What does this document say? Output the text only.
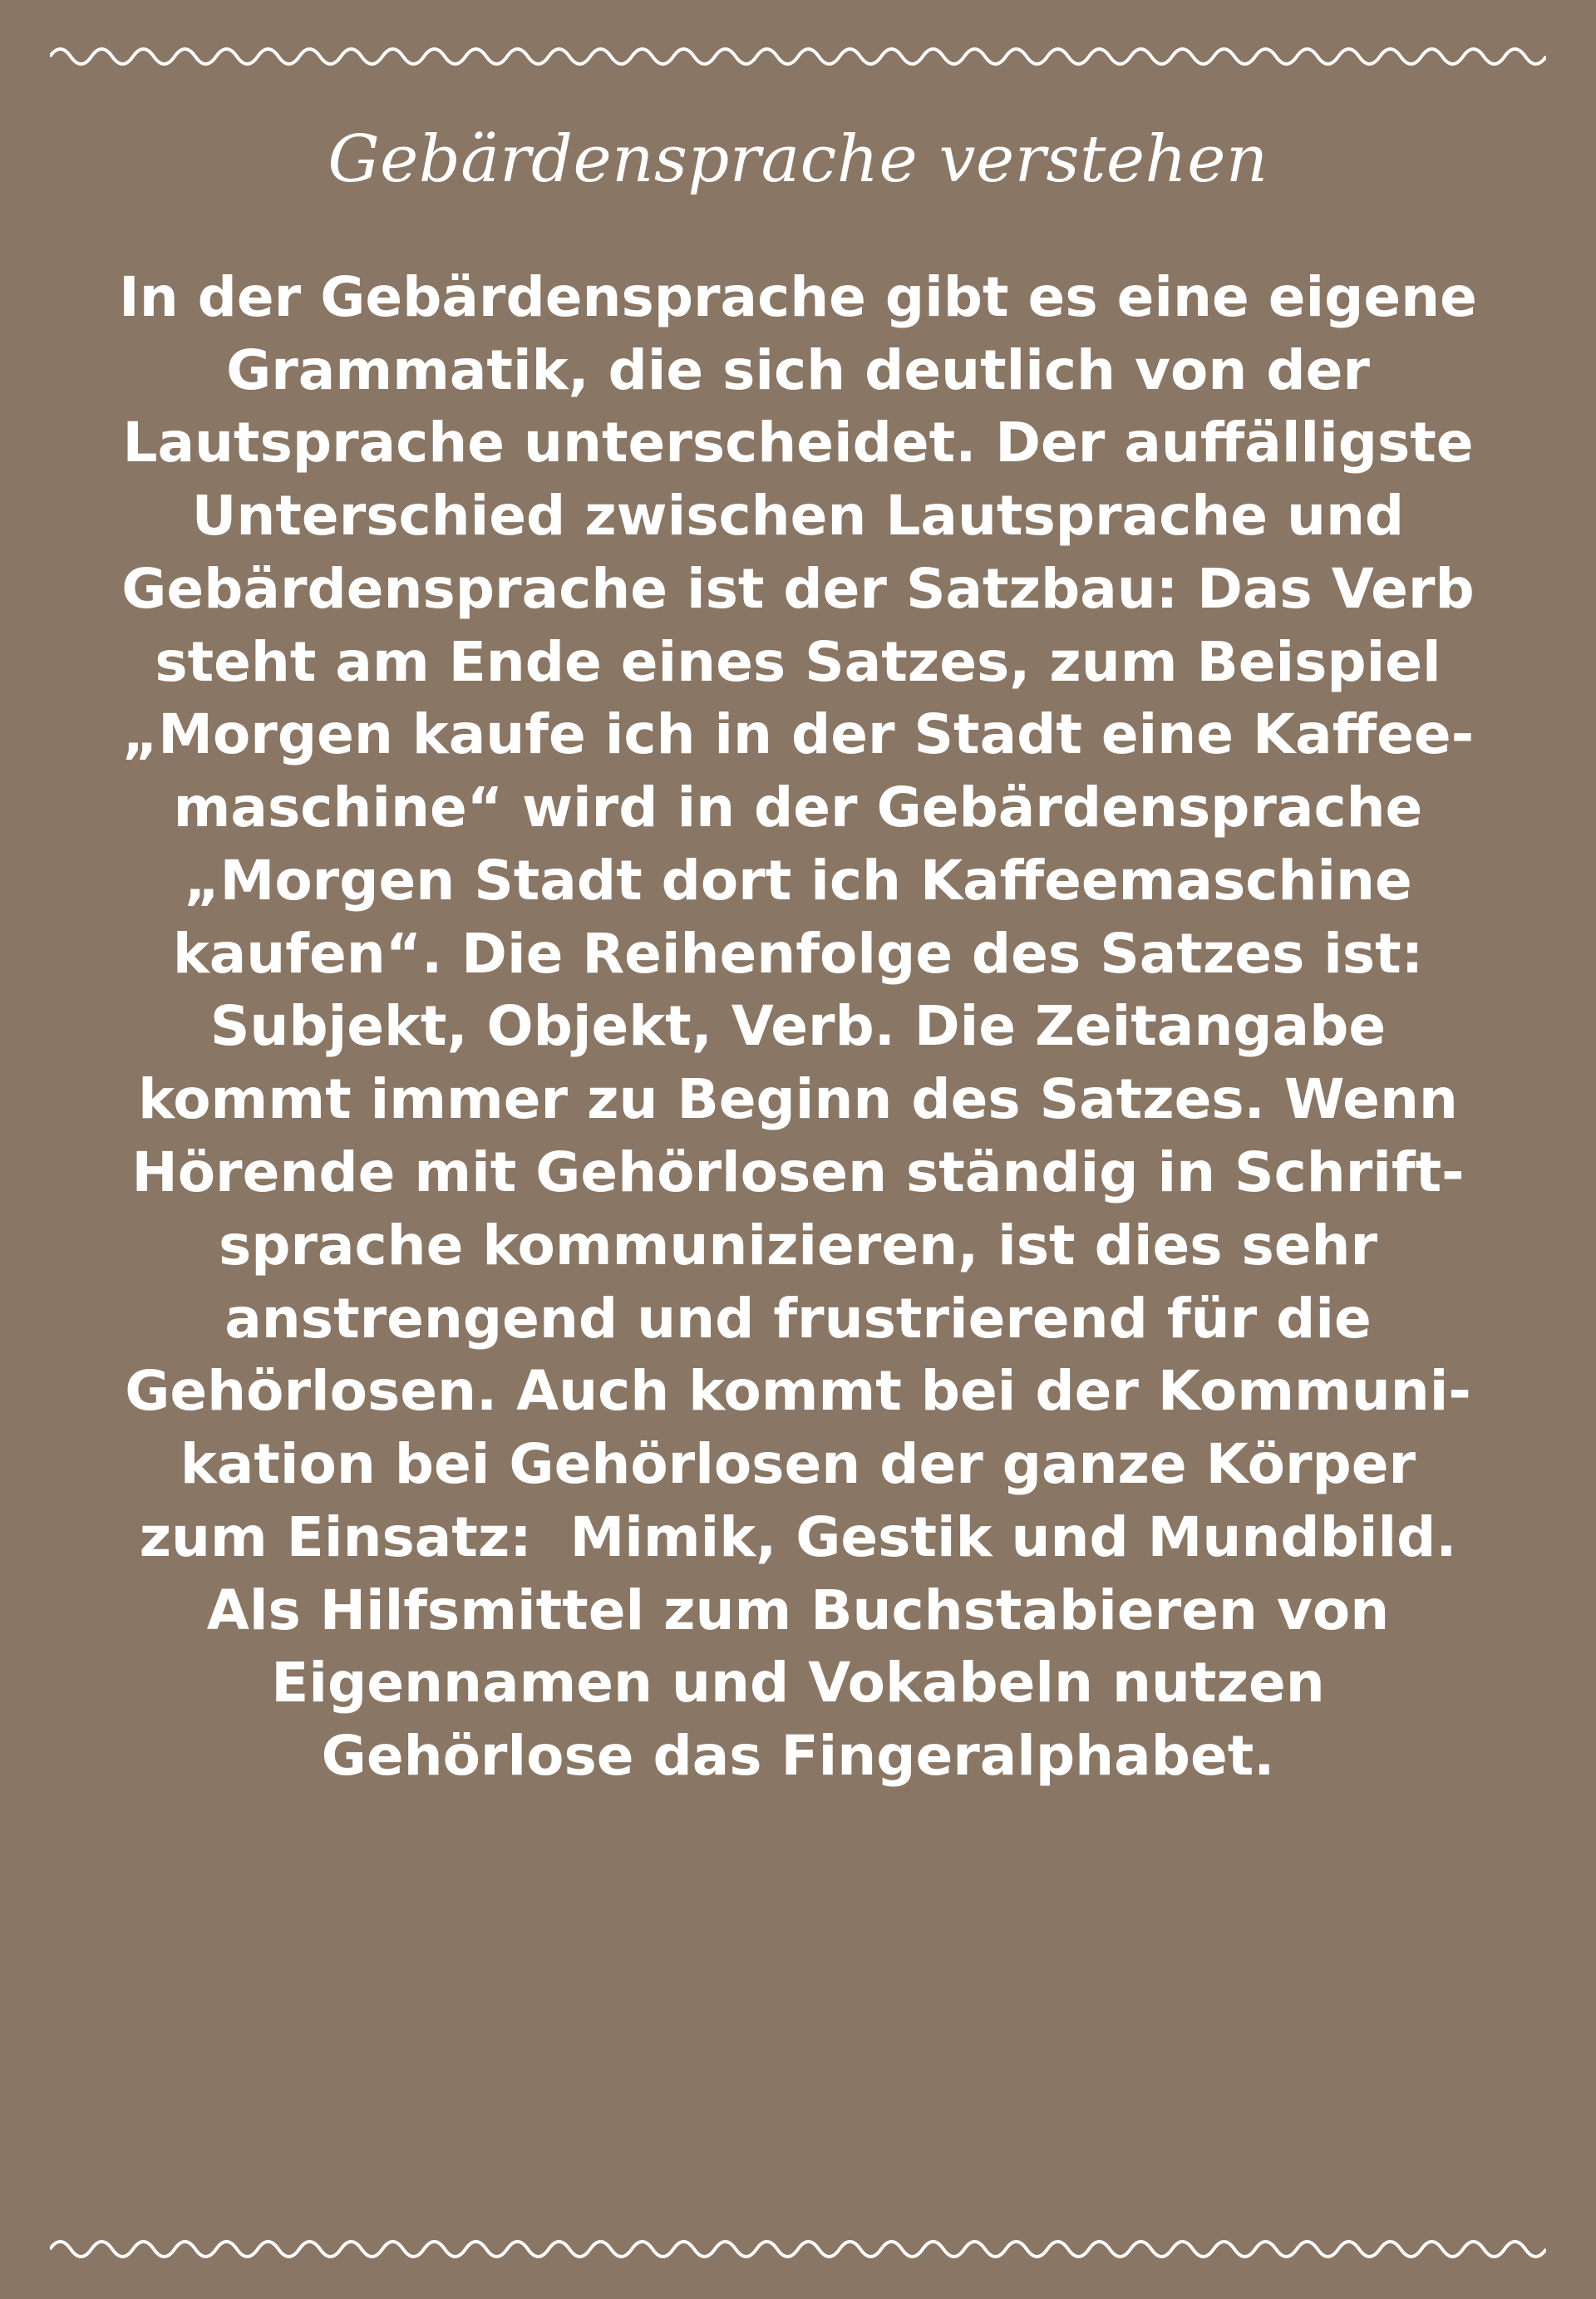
Gebärdensprache verstehen

In der Gebärdensprache gibt es eine eigene Grammatik, die sich deutlich von der Lautsprache unterscheidet. Der auffälligste Unterschied zwischen Lautsprache und Gebärdensprache ist der Satzbau: Das Verb steht am Ende eines Satzes, zum Beispiel „Morgen kaufe ich in der Stadt eine Kaffee-maschine“ wird in der Gebärdensprache „Morgen Stadt dort ich Kaffeemaschine kaufen“. Die Reihenfolge des Satzes ist: Subjekt, Objekt, Verb. Die Zeitangabe kommt immer zu Beginn des Satzes. Wenn Hörende mit Gehörlosen ständig in Schrift-sprache kommunizieren, ist dies sehr anstrengend und frustrierend für die Gehörlosen. Auch kommt bei der Kommuni-kation bei Gehörlosen der ganze Körper zum Einsatz:  Mimik, Gestik und Mundbild. Als Hilfsmittel zum Buchstabieren von Eigennamen und Vokabeln nutzen Gehörlose das Fingeralphabet.
